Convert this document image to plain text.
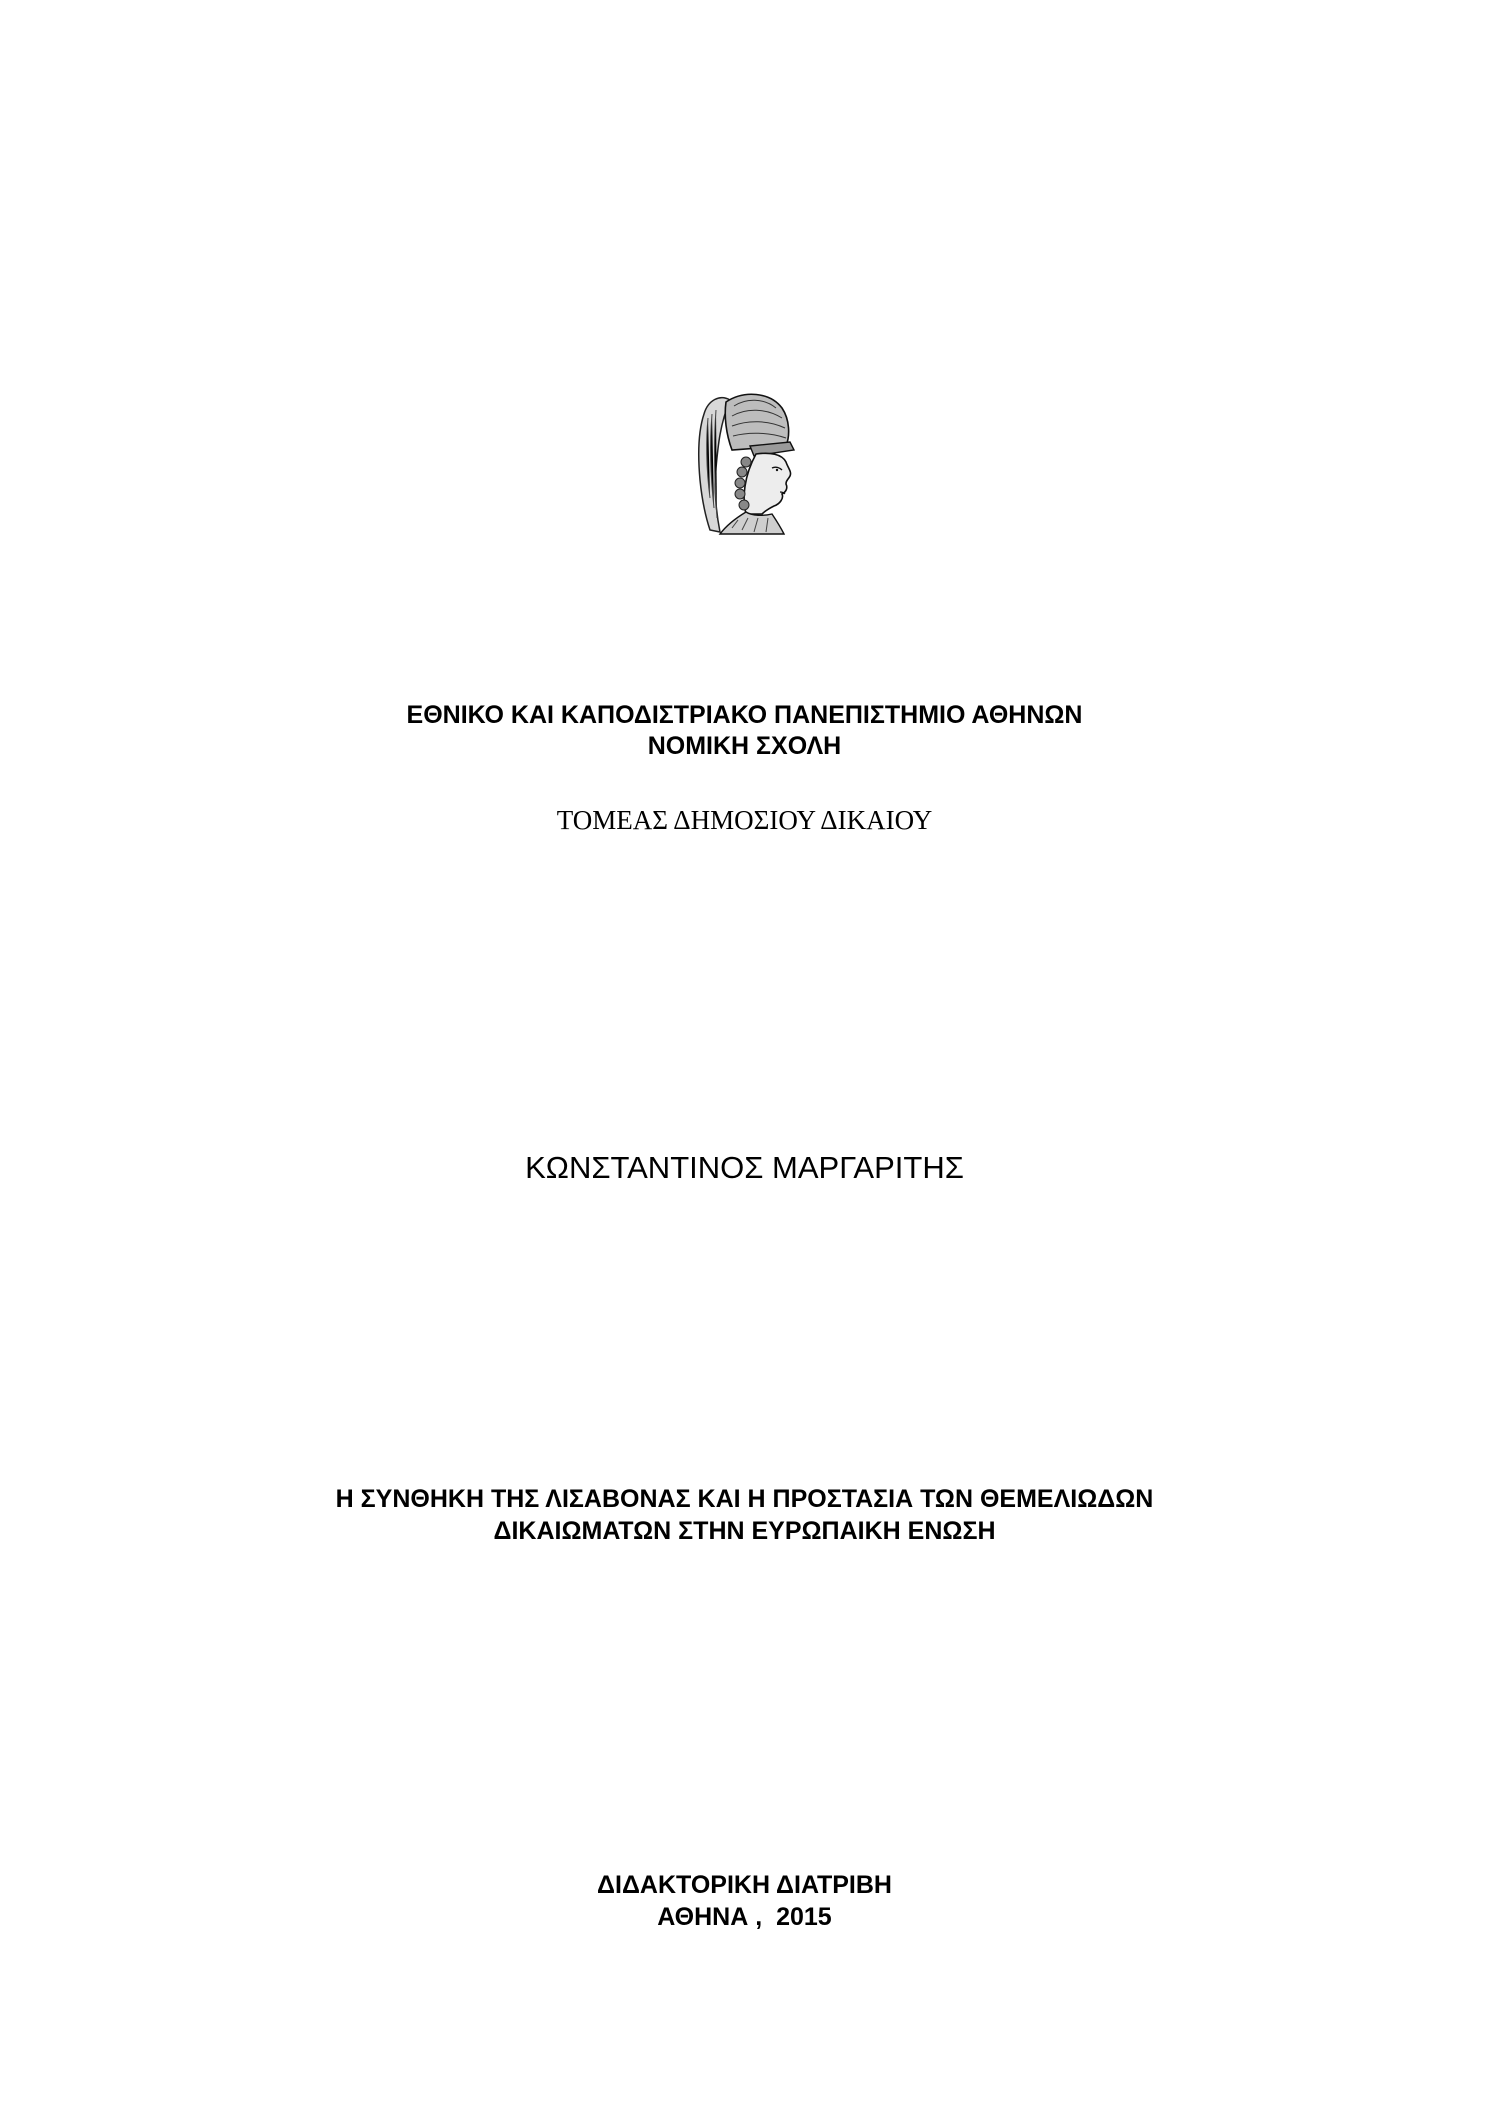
ΕΘΝΙΚΟ ΚΑΙ ΚΑΠΟΔΙΣΤΡΙΑΚΟ ΠΑΝΕΠΙΣΤΗΜΙΟ ΑΘΗΝΩΝ
ΝΟΜΙΚΗ ΣΧΟΛΗ
ΤΟΜΕΑΣ ΔΗΜΟΣΙΟΥ ΔΙΚΑΙΟΥ
ΚΩΝΣΤΑΝΤΙΝΟΣ ΜΑΡΓΑΡΙΤΗΣ
Η ΣΥΝΘΗΚΗ ΤΗΣ ΛΙΣΑΒΟΝΑΣ ΚΑΙ Η ΠΡΟΣΤΑΣΙΑ ΤΩΝ ΘΕΜΕΛΙΩΔΩΝ
ΔΙΚΑΙΩΜΑΤΩΝ ΣΤΗΝ ΕΥΡΩΠΑΙΚΗ ΕΝΩΣΗ
ΔΙΔΑΚΤΟΡΙΚΗ ΔΙΑΤΡΙΒΗ
ΑΘΗΝΑ ,  2015
